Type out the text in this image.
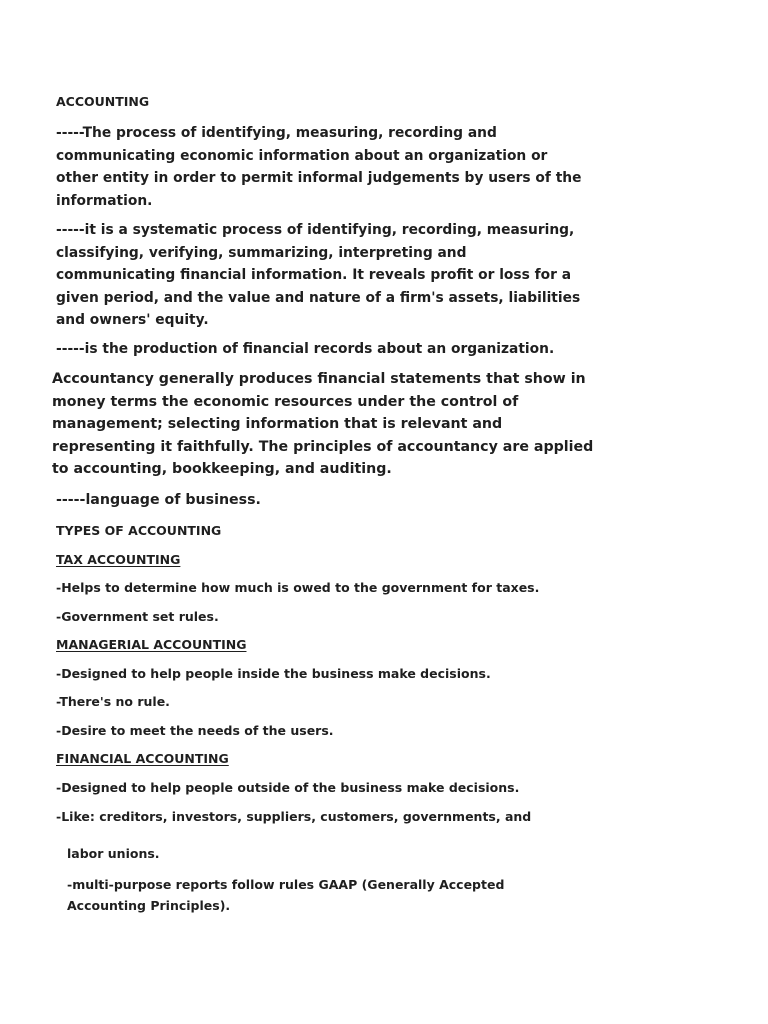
ACCOUNTING
-----The process of identifying, measuring, recording and
communicating economic information about an organization or
other entity in order to permit informal judgements by users of the
information.
-----it is a systematic process of identifying, recording, measuring,
classifying, verifying, summarizing, interpreting and
communicating financial information. It reveals profit or loss for a
given period, and the value and nature of a firm's assets, liabilities
and owners' equity.
-----is the production of financial records about an organization.
Accountancy generally produces financial statements that show in
money terms the economic resources under the control of
management; selecting information that is relevant and
representing it faithfully. The principles of accountancy are applied
to accounting, bookkeeping, and auditing.
-----language of business.
TYPES OF ACCOUNTING
TAX ACCOUNTING
-Helps to determine how much is owed to the government for taxes.
-Government set rules.
MANAGERIAL ACCOUNTING
-Designed to help people inside the business make decisions.
-There's no rule.
-Desire to meet the needs of the users.
FINANCIAL ACCOUNTING
-Designed to help people outside of the business make decisions.
-Like: creditors, investors, suppliers, customers, governments, and
labor unions.
-multi-purpose reports follow rules GAAP (Generally Accepted
Accounting Principles).
